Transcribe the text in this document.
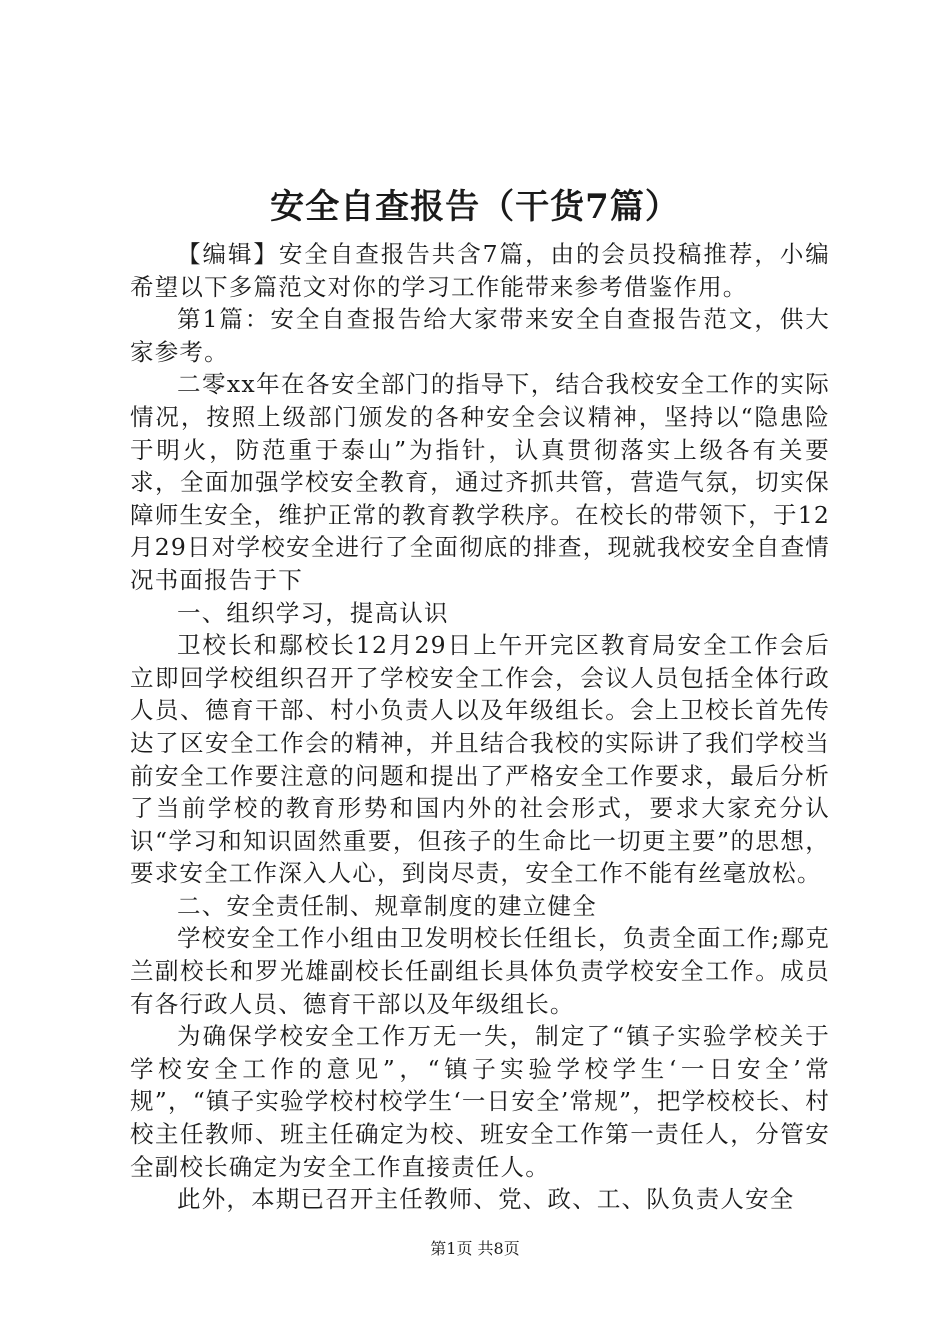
安全自查报告（干货7篇）

【编辑】安全自查报告共含7篇，由的会员投稿推荐，小编希望以下多篇范文对你的学习工作能带来参考借鉴作用。

第1篇：安全自查报告给大家带来安全自查报告范文，供大家参考。

二零xx年在各安全部门的指导下，结合我校安全工作的实际情况，按照上级部门颁发的各种安全会议精神，坚持以“隐患险于明火，防范重于泰山”为指针，认真贯彻落实上级各有关要求，全面加强学校安全教育，通过齐抓共管，营造气氛，切实保障师生安全，维护正常的教育教学秩序。在校长的带领下，于12月29日对学校安全进行了全面彻底的排查，现就我校安全自查情况书面报告于下

一、组织学习，提高认识

卫校长和鄢校长12月29日上午开完区教育局安全工作会后立即回学校组织召开了学校安全工作会，会议人员包括全体行政人员、德育干部、村小负责人以及年级组长。会上卫校长首先传达了区安全工作会的精神，并且结合我校的实际讲了我们学校当前安全工作要注意的问题和提出了严格安全工作要求，最后分析了当前学校的教育形势和国内外的社会形式，要求大家充分认识“学习和知识固然重要，但孩子的生命比一切更主要”的思想，要求安全工作深入人心，到岗尽责，安全工作不能有丝毫放松。

二、安全责任制、规章制度的建立健全

学校安全工作小组由卫发明校长任组长，负责全面工作;鄢克兰副校长和罗光雄副校长任副组长具体负责学校安全工作。成员有各行政人员、德育干部以及年级组长。

为确保学校安全工作万无一失，制定了“镇子实验学校关于学校安全工作的意见”，“镇子实验学校学生‘一日安全’常规”，“镇子实验学校村校学生‘一日安全’常规”，把学校校长、村校主任教师、班主任确定为校、班安全工作第一责任人，分管安全副校长确定为安全工作直接责任人。

此外，本期已召开主任教师、党、政、工、队负责人安全

第1页 共8页
